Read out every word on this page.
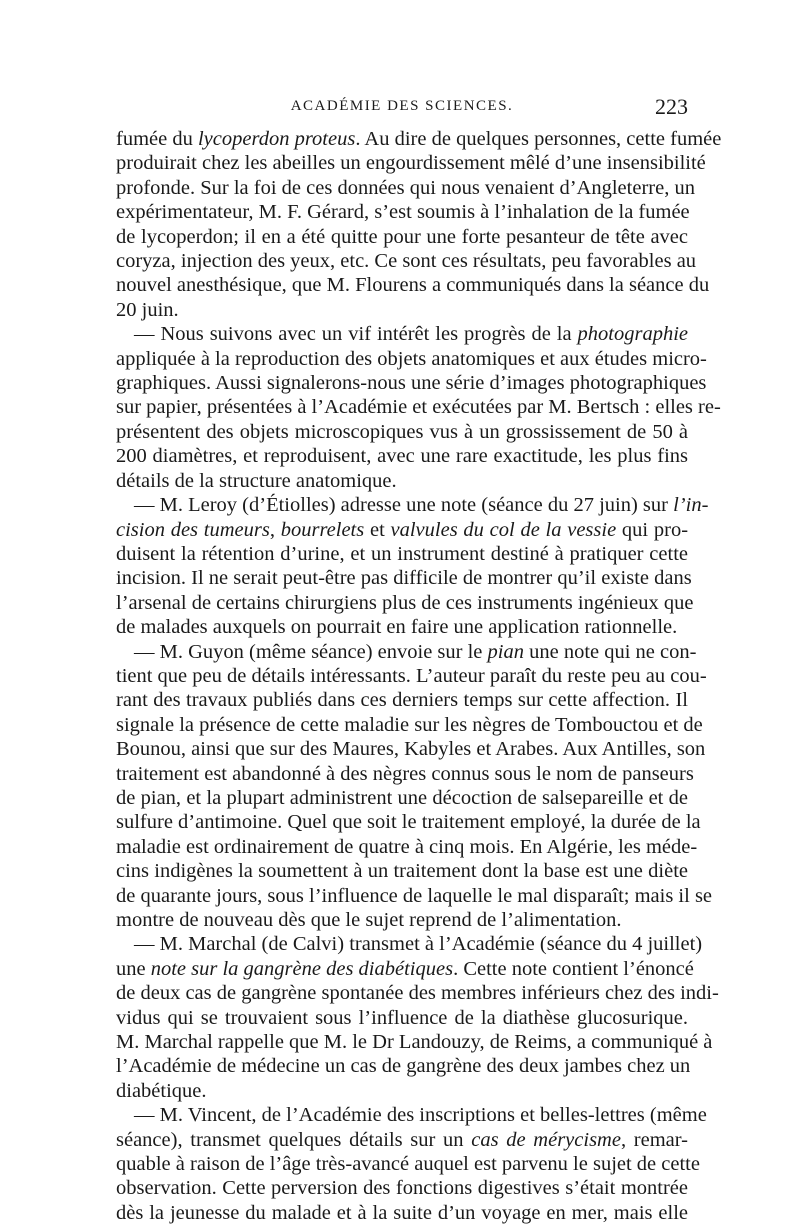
ACADÉMIE DES SCIENCES.	223
fumée du lycoperdon proteus. Au dire de quelques personnes, cette fumée
produirait chez les abeilles un engourdissement mêlé d’une insensibilité
profonde. Sur la foi de ces données qui nous venaient d’Angleterre, un
expérimentateur, M. F. Gérard, s’est soumis à l’inhalation de la fumée
de lycoperdon; il en a été quitte pour une forte pesanteur de tête avec
coryza, injection des yeux, etc. Ce sont ces résultats, peu favorables au
nouvel anesthésique, que M. Flourens a communiqués dans la séance du
20 juin.
— Nous suivons avec un vif intérêt les progrès de la photographie
appliquée à la reproduction des objets anatomiques et aux études micro-
graphiques. Aussi signalerons-nous une série d’images photographiques
sur papier, présentées à l’Académie et exécutées par M. Bertsch : elles re-
présentent des objets microscopiques vus à un grossissement de 50 à
200 diamètres, et reproduisent, avec une rare exactitude, les plus fins
détails de la structure anatomique.
— M. Leroy (d’Étiolles) adresse une note (séance du 27 juin) sur l’in-
cision des tumeurs, bourrelets et valvules du col de la vessie qui pro-
duisent la rétention d’urine, et un instrument destiné à pratiquer cette
incision. Il ne serait peut-être pas difficile de montrer qu’il existe dans
l’arsenal de certains chirurgiens plus de ces instruments ingénieux que
de malades auxquels on pourrait en faire une application rationnelle.
— M. Guyon (même séance) envoie sur le pian une note qui ne con-
tient que peu de détails intéressants. L’auteur paraît du reste peu au cou-
rant des travaux publiés dans ces derniers temps sur cette affection. Il
signale la présence de cette maladie sur les nègres de Tombouctou et de
Bounou, ainsi que sur des Maures, Kabyles et Arabes. Aux Antilles, son
traitement est abandonné à des nègres connus sous le nom de panseurs
de pian, et la plupart administrent une décoction de salsepareille et de
sulfure d’antimoine. Quel que soit le traitement employé, la durée de la
maladie est ordinairement de quatre à cinq mois. En Algérie, les méde-
cins indigènes la soumettent à un traitement dont la base est une diète
de quarante jours, sous l’influence de laquelle le mal disparaît; mais il se
montre de nouveau dès que le sujet reprend de l’alimentation.
— M. Marchal (de Calvi) transmet à l’Académie (séance du 4 juillet)
une note sur la gangrène des diabétiques. Cette note contient l’énoncé
de deux cas de gangrène spontanée des membres inférieurs chez des indi-
vidus qui se trouvaient sous l’influence de la diathèse glucosurique.
M. Marchal rappelle que M. le Dr Landouzy, de Reims, a communiqué à
l’Académie de médecine un cas de gangrène des deux jambes chez un
diabétique.
— M. Vincent, de l’Académie des inscriptions et belles-lettres (même
séance), transmet quelques détails sur un cas de mérycisme, remar-
quable à raison de l’âge très-avancé auquel est parvenu le sujet de cette
observation. Cette perversion des fonctions digestives s’était montrée
dès la jeunesse du malade et à la suite d’un voyage en mer, mais elle
